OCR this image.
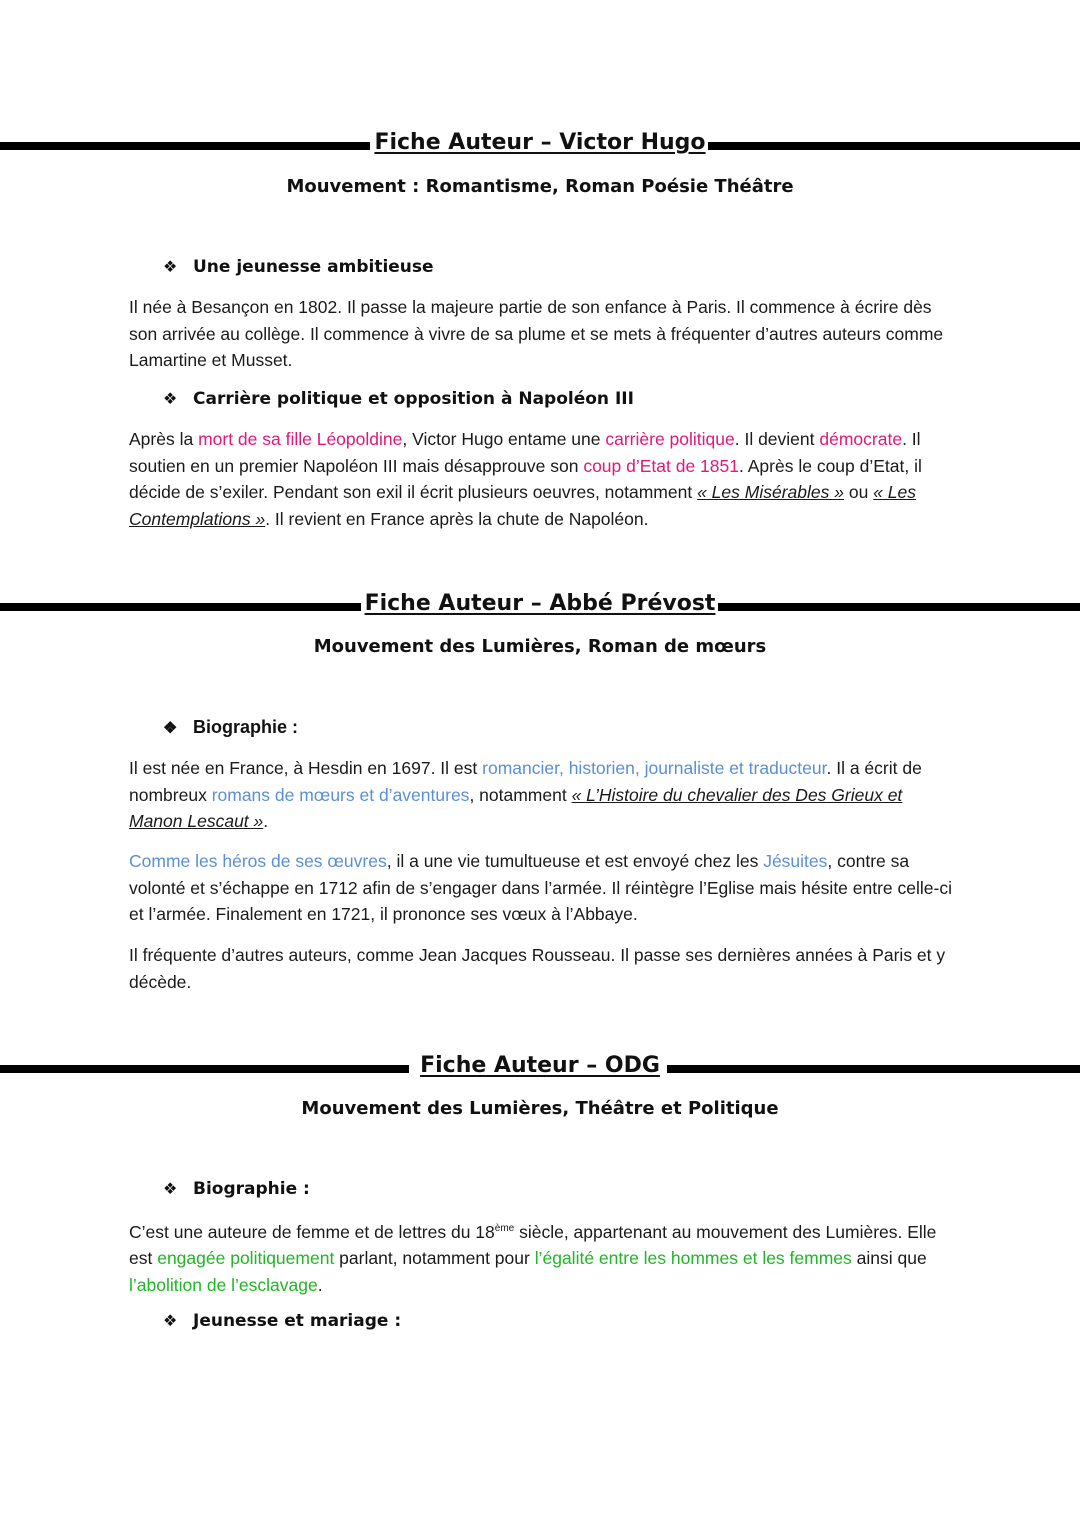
Fiche Auteur – Victor Hugo
Mouvement : Romantisme, Roman Poésie Théâtre
❖ Une jeunesse ambitieuse
Il née à Besançon en 1802. Il passe la majeure partie de son enfance à Paris. Il commence à écrire dès son arrivée au collège. Il commence à vivre de sa plume et se mets à fréquenter d’autres auteurs comme Lamartine et Musset.
❖ Carrière politique et opposition à Napoléon III
Après la mort de sa fille Léopoldine, Victor Hugo entame une carrière politique. Il devient démocrate. Il soutien en un premier Napoléon III mais désapprouve son coup d’Etat de 1851. Après le coup d’Etat, il décide de s’exiler. Pendant son exil il écrit plusieurs oeuvres, notamment « Les Misérables » ou « Les Contemplations ». Il revient en France après la chute de Napoléon.
Fiche Auteur – Abbé Prévost
Mouvement des Lumières, Roman de mœurs
❖ Biographie :
Il est née en France, à Hesdin en 1697. Il est romancier, historien, journaliste et traducteur. Il a écrit de nombreux romans de mœurs et d’aventures, notamment « L’Histoire du chevalier des Des Grieux et Manon Lescaut ».
Comme les héros de ses œuvres, il a une vie tumultueuse et est envoyé chez les Jésuites, contre sa volonté et s’échappe en 1712 afin de s’engager dans l’armée. Il réintègre l’Eglise mais hésite entre celle-ci et l’armée. Finalement en 1721, il prononce ses vœux à l’Abbaye.
Il fréquente d’autres auteurs, comme Jean Jacques Rousseau. Il passe ses dernières années à Paris et y décède.
Fiche Auteur – ODG
Mouvement des Lumières, Théâtre et Politique
❖ Biographie :
C’est une auteure de femme et de lettres du 18ème siècle, appartenant au mouvement des Lumières. Elle est engagée politiquement parlant, notamment pour l’égalité entre les hommes et les femmes ainsi que l’abolition de l’esclavage.
❖ Jeunesse et mariage :
